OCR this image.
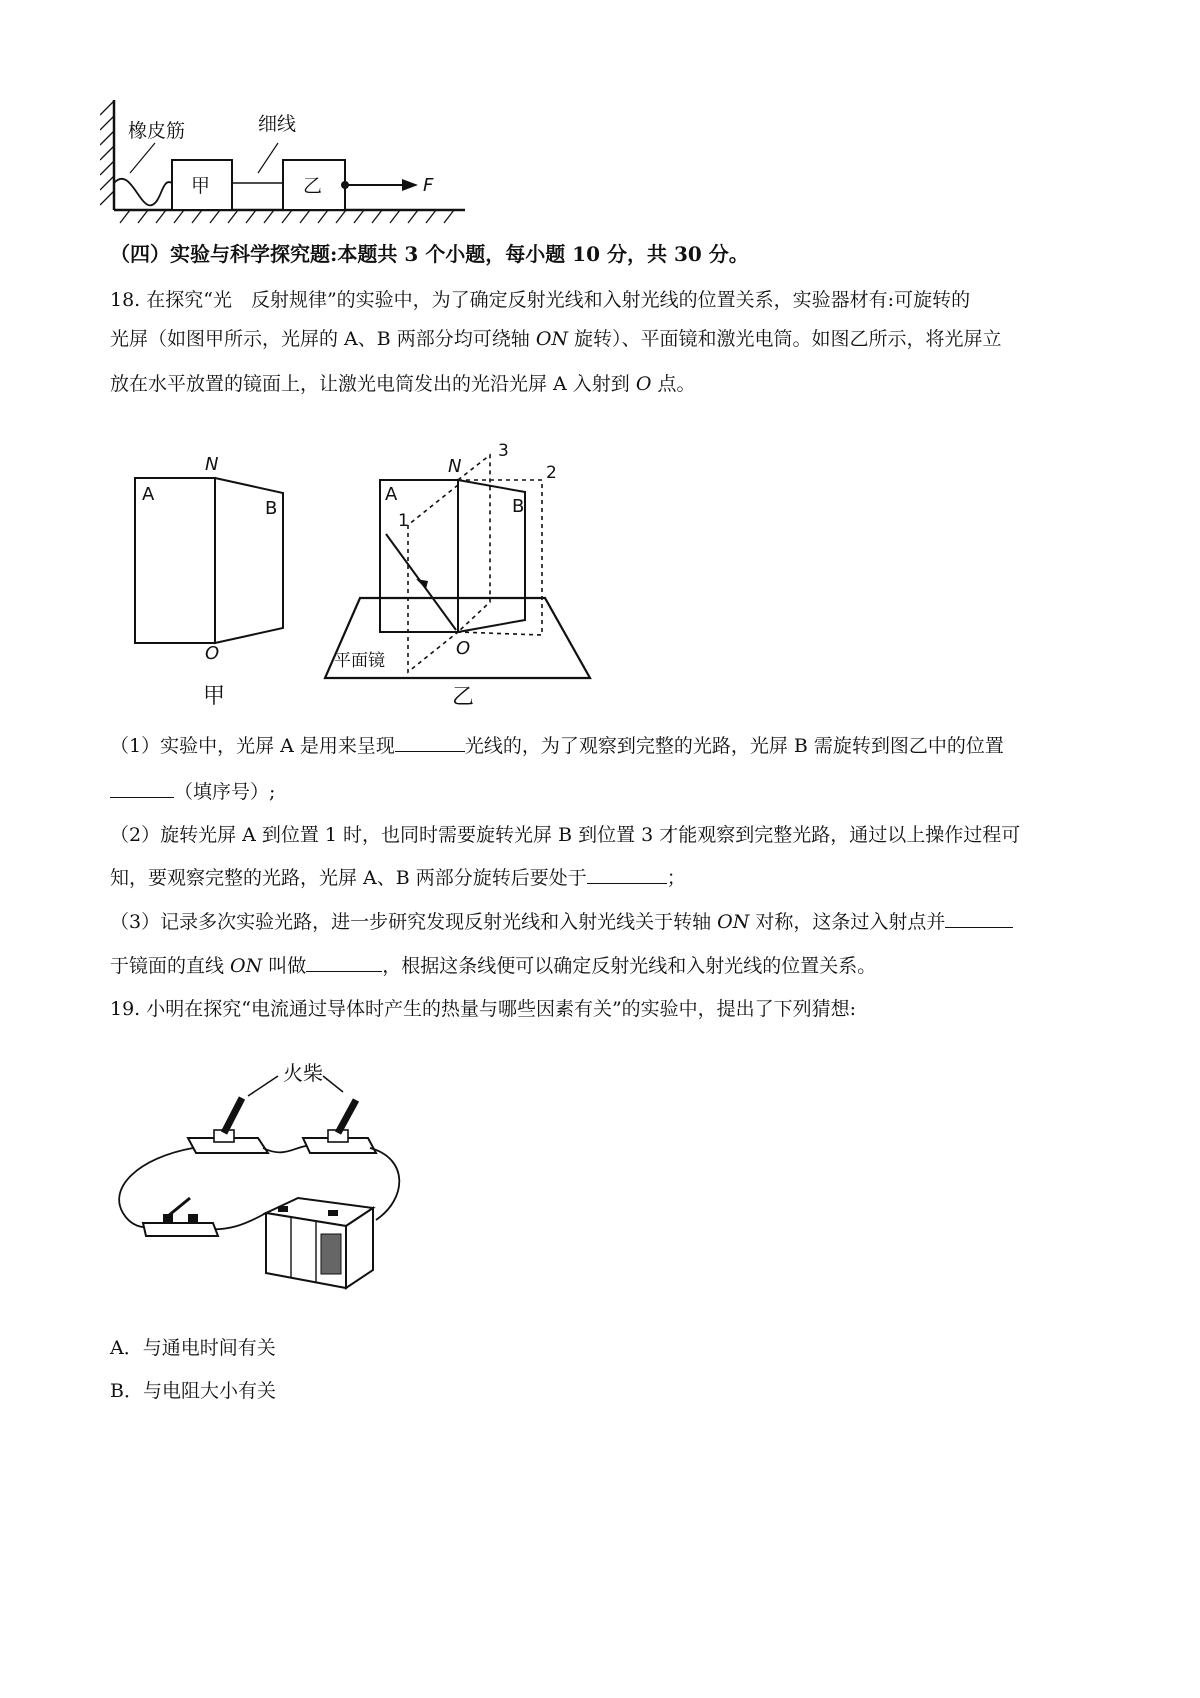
橡皮筋
甲
细线
乙	F
（四）实验与科学探究题:本题共 3 个小题，每小题 10 分，共 30 分。
18. 在探究“光　反射规律”的实验中，为了确定反射光线和入射光线的位置关系，实验器材有:可旋转的
光屏（如图甲所示，光屏的 A、B 两部分均可绕轴 ON 旋转）、平面镜和激光电筒。如图乙所示，将光屏立
放在水平放置的镜面上，让激光电筒发出的光沿光屏 A 入射到 O 点。
N
A
B
O
甲
N
A
B
O
1
2
3
平面镜
乙
（1）实验中，光屏 A 是用来呈现	光线的，为了观察到完整的光路，光屏 B 需旋转到图乙中的位置
（填序号）;
（2）旋转光屏 A 到位置 1 时，也同时需要旋转光屏 B 到位置 3 才能观察到完整光路，通过以上操作过程可
知，要观察完整的光路，光屏 A、B 两部分旋转后要处于	；
（3）记录多次实验光路，进一步研究发现反射光线和入射光线关于转轴 ON 对称，这条过入射点并
于镜面的直线 ON 叫做	，根据这条线便可以确定反射光线和入射光线的位置关系。
19. 小明在探究“电流通过导体时产生的热量与哪些因素有关”的实验中，提出了下列猜想:
火柴
A．与通电时间有关
B．与电阻大小有关
